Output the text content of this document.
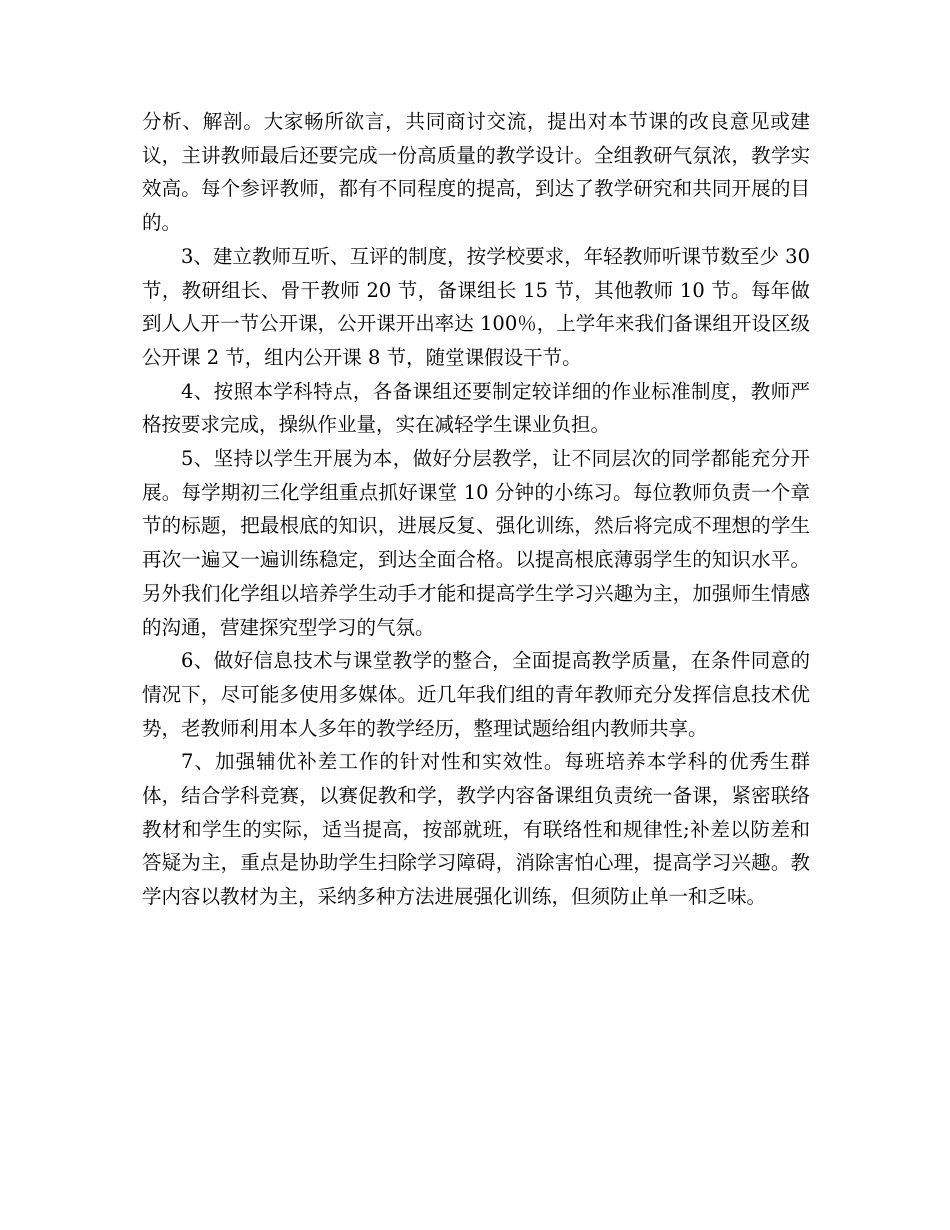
分析、解剖。大家畅所欲言，共同商讨交流，提出对本节课的改良意见或建议，主讲教师最后还要完成一份高质量的教学设计。全组教研气氛浓，教学实效高。每个参评教师，都有不同程度的提高，到达了教学研究和共同开展的目的。

3、建立教师互听、互评的制度，按学校要求，年轻教师听课节数至少 30 节，教研组长、骨干教师 20 节，备课组长 15 节，其他教师 10 节。每年做到人人开一节公开课，公开课开出率达 100％，上学年来我们备课组开设区级公开课 2 节，组内公开课 8 节，随堂课假设干节。

4、按照本学科特点，各备课组还要制定较详细的作业标准制度，教师严格按要求完成，操纵作业量，实在减轻学生课业负担。

5、坚持以学生开展为本，做好分层教学，让不同层次的同学都能充分开展。每学期初三化学组重点抓好课堂 10 分钟的小练习。每位教师负责一个章节的标题，把最根底的知识，进展反复、强化训练，然后将完成不理想的学生再次一遍又一遍训练稳定，到达全面合格。以提高根底薄弱学生的知识水平。另外我们化学组以培养学生动手才能和提高学生学习兴趣为主，加强师生情感的沟通，营建探究型学习的气氛。

6、做好信息技术与课堂教学的整合，全面提高教学质量，在条件同意的情况下，尽可能多使用多媒体。近几年我们组的青年教师充分发挥信息技术优势，老教师利用本人多年的教学经历，整理试题给组内教师共享。

7、加强辅优补差工作的针对性和实效性。每班培养本学科的优秀生群体，结合学科竞赛，以赛促教和学，教学内容备课组负责统一备课，紧密联络教材和学生的实际，适当提高，按部就班，有联络性和规律性;补差以防差和答疑为主，重点是协助学生扫除学习障碍，消除害怕心理，提高学习兴趣。教学内容以教材为主，采纳多种方法进展强化训练，但须防止单一和乏味。
